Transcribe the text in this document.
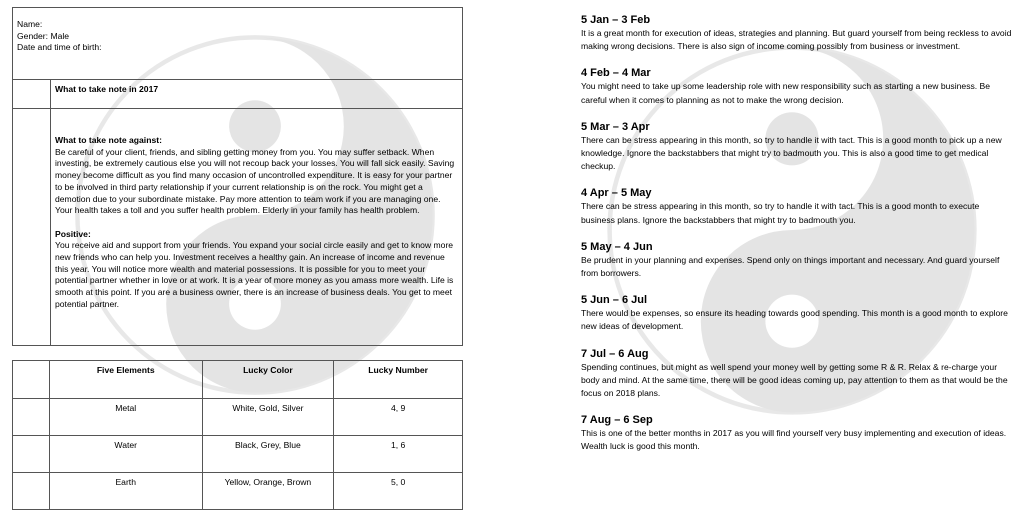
Name:
Gender: Male
Date and time of birth:
What to take note in 2017
What to take note against:

Be careful of your client, friends, and sibling getting money from you. You may suffer setback. When investing, be extremely cautious else you will not recoup back your losses. You will fall sick easily. Saving money become difficult as you find many occasion of uncontrolled expenditure. It is easy for your partner to be involved in third party relationship if your current relationship is on the rock. You might get a demotion due to your subordinate mistake. Pay more attention to team work if you are managing one. Your health takes a toll and you suffer health problem. Elderly in your family has health problem.

Positive:

You receive aid and support from your friends. You expand your social circle easily and get to know more new friends who can help you. Investment receives a healthy gain. An increase of income and revenue this year. You will notice more wealth and material possessions. It is possible for you to meet your potential partner whether in love or at work. It is a year of more money as you amass more wealth. Life is smooth at this point. If you are a business owner, there is an increase of business deals. You get to meet potential partner.

	Five Elements	Lucky Color	Lucky Number
	Metal	White, Gold, Silver	4, 9
	Water	Black, Grey, Blue	1, 6
	Earth	Yellow, Orange, Brown	5, 0
5 Jan – 3 Feb

It is a great month for execution of ideas, strategies and planning. But guard yourself from being reckless to avoid making wrong decisions. There is also sign of income coming possibly from business or investment.

4 Feb – 4 Mar

You might need to take up some leadership role with new responsibility such as starting a new business. Be careful when it comes to planning as not to make the wrong decision.

5 Mar – 3 Apr

There can be stress appearing in this month, so try to handle it with tact. This is a good month to pick up a new knowledge. Ignore the backstabbers that might try to badmouth you. This is also a good time to get medical checkup.

4 Apr – 5 May

There can be stress appearing in this month, so try to handle it with tact. This is a good month to execute business plans. Ignore the backstabbers that might try to badmouth you.

5 May – 4 Jun

Be prudent in your planning and expenses. Spend only on things important and necessary. And guard yourself from borrowers.

5 Jun – 6 Jul

There would be expenses, so ensure its heading towards good spending. This month is a good month to explore new ideas of development.

7 Jul – 6 Aug

Spending continues, but might as well spend your money well by getting some R & R. Relax & re-charge your body and mind. At the same time, there will be good ideas coming up, pay attention to them as that would be the focus on 2018 plans.

7 Aug – 6 Sep

This is one of the better months in 2017 as you will find yourself very busy implementing and execution of ideas. Wealth luck is good this month.
